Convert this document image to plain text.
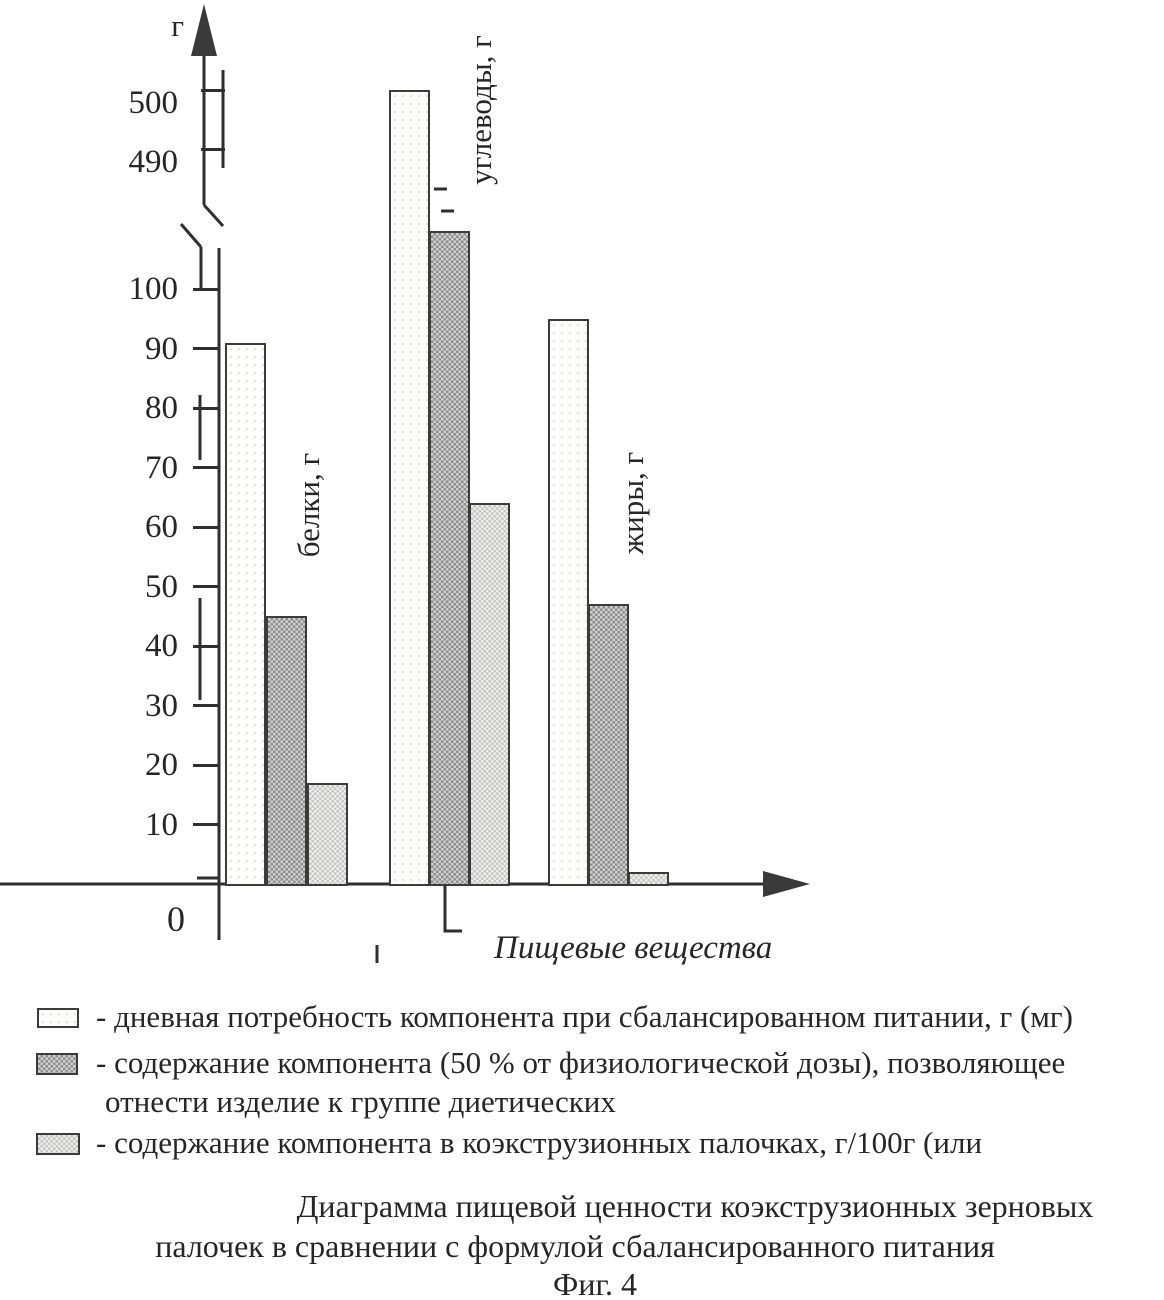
500
490
100
90
80
70
60
50
40
30
20
10
белки, г
углеводы, г
жиры, г
г
0
Пищевые вещества
- дневная потребность компонента при сбалансированном питании, г (мг)
- содержание компонента (50 % от физиологической дозы), позволяющее
отнести изделие к группе диетических
- содержание компонента в коэкструзионных палочках, г/100г (или
Диаграмма пищевой ценности коэкструзионных зерновых
палочек в сравнении с формулой сбалансированного питания
Фиг. 4
